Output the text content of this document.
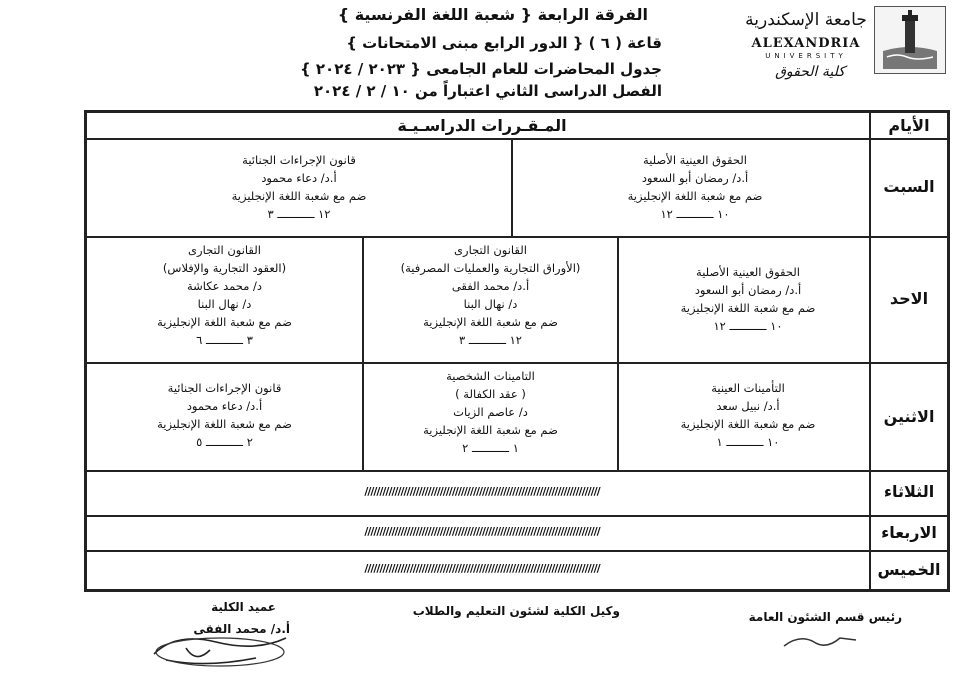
الفرقة الرابعة { شعبة اللغة الفرنسية }
قاعة ( ٦ ) { الدور الرابع مبنى الامتحانات }
جدول المحاضرات للعام الجامعى { ٢٠٢٣ / ٢٠٢٤ }
الفصل الدراسى الثاني اعتباراً من ١٠ / ٢ / ٢٠٢٤
جامعة الإسكندرية
ALEXANDRIA
UNIVERSITY
كلية الحقوق
الأيام
المـقـررات الدراسـيـة
السبت
الحقوق العينية الأصلية
أ.د/ رمضان أبو السعود
ضم مع شعبة اللغة الإنجليزية
١٠ ـــــــــــ ١٢
قانون الإجراءات الجنائية
أ.د/ دعاء محمود
ضم مع شعبة اللغة الإنجليزية
١٢ ـــــــــــ ٣
الاحد
الحقوق العينية الأصلية
أ.د/ رمضان أبو السعود
ضم مع شعبة اللغة الإنجليزية
١٠ ـــــــــــ ١٢
القانون التجارى
(الأوراق التجارية والعمليات المصرفية)
أ.د/ محمد الفقى
د/ نهال البنا
ضم مع شعبة اللغة الإنجليزية
١٢ ـــــــــــ ٣
القانون التجارى
(العقود التجارية والإفلاس)
د/ محمد عكاشة
د/ نهال البنا
ضم مع شعبة اللغة الإنجليزية
٣ ـــــــــــ ٦
الاثنين
التأمينات العينية
أ.د/ نبيل سعد
ضم مع شعبة اللغة الإنجليزية
١٠ ـــــــــــ ١
التامينات الشخصية
( عقد الكفالة )
د/ عاصم الزيات
ضم مع شعبة اللغة الإنجليزية
١ ـــــــــــ ٢
قانون الإجراءات الجنائية
أ.د/ دعاء محمود
ضم مع شعبة اللغة الإنجليزية
٢ ـــــــــــ ٥
الثلاثاء
//////////////////////////////////////////////////////////////////////////////
الاربعاء
//////////////////////////////////////////////////////////////////////////////
الخميس
//////////////////////////////////////////////////////////////////////////////
عميد الكلية
أ.د/ محمد الفقى
وكيل الكلية لشئون التعليم والطلاب	رئيس قسم الشئون العامة
